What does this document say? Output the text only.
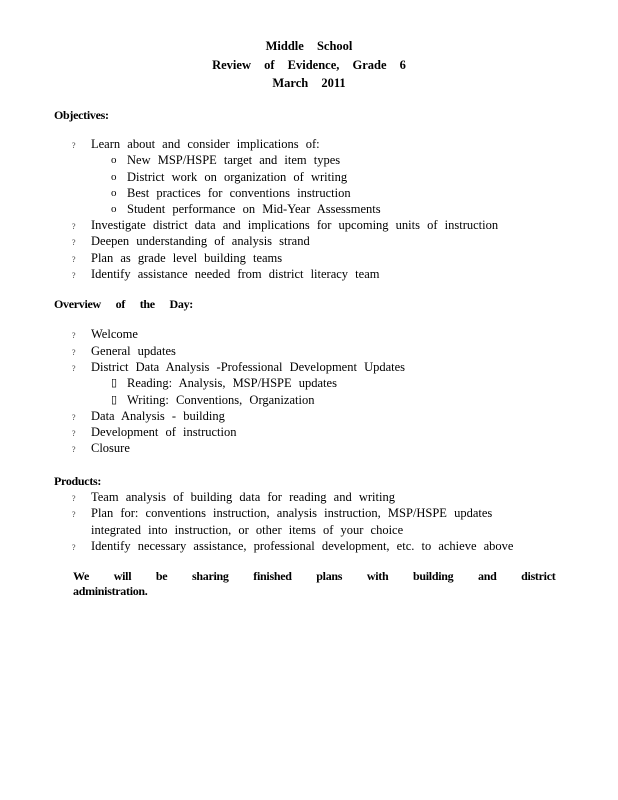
Middle School
Review of Evidence, Grade 6
March 2011
Objectives:
? Learn about and consider implications of:
o New MSP/HSPE target and item types
o District work on organization of writing
o Best practices for conventions instruction
o Student performance on Mid-Year Assessments
? Investigate district data and implications for upcoming units of instruction
? Deepen understanding of analysis strand
? Plan as grade level building teams
? Identify assistance needed from district literacy team
Overview of the Day:
? Welcome
? General updates
? District Data Analysis -Professional Development Updates
▯ Reading: Analysis, MSP/HSPE updates
▯ Writing: Conventions, Organization
? Data Analysis - building
? Development of instruction
? Closure
Products:
? Team analysis of building data for reading and writing
? Plan for: conventions instruction, analysis instruction, MSP/HSPE updates
integrated into instruction, or other items of your choice
? Identify necessary assistance, professional development, etc. to achieve above
We will be sharing finished plans with building and district administration.
